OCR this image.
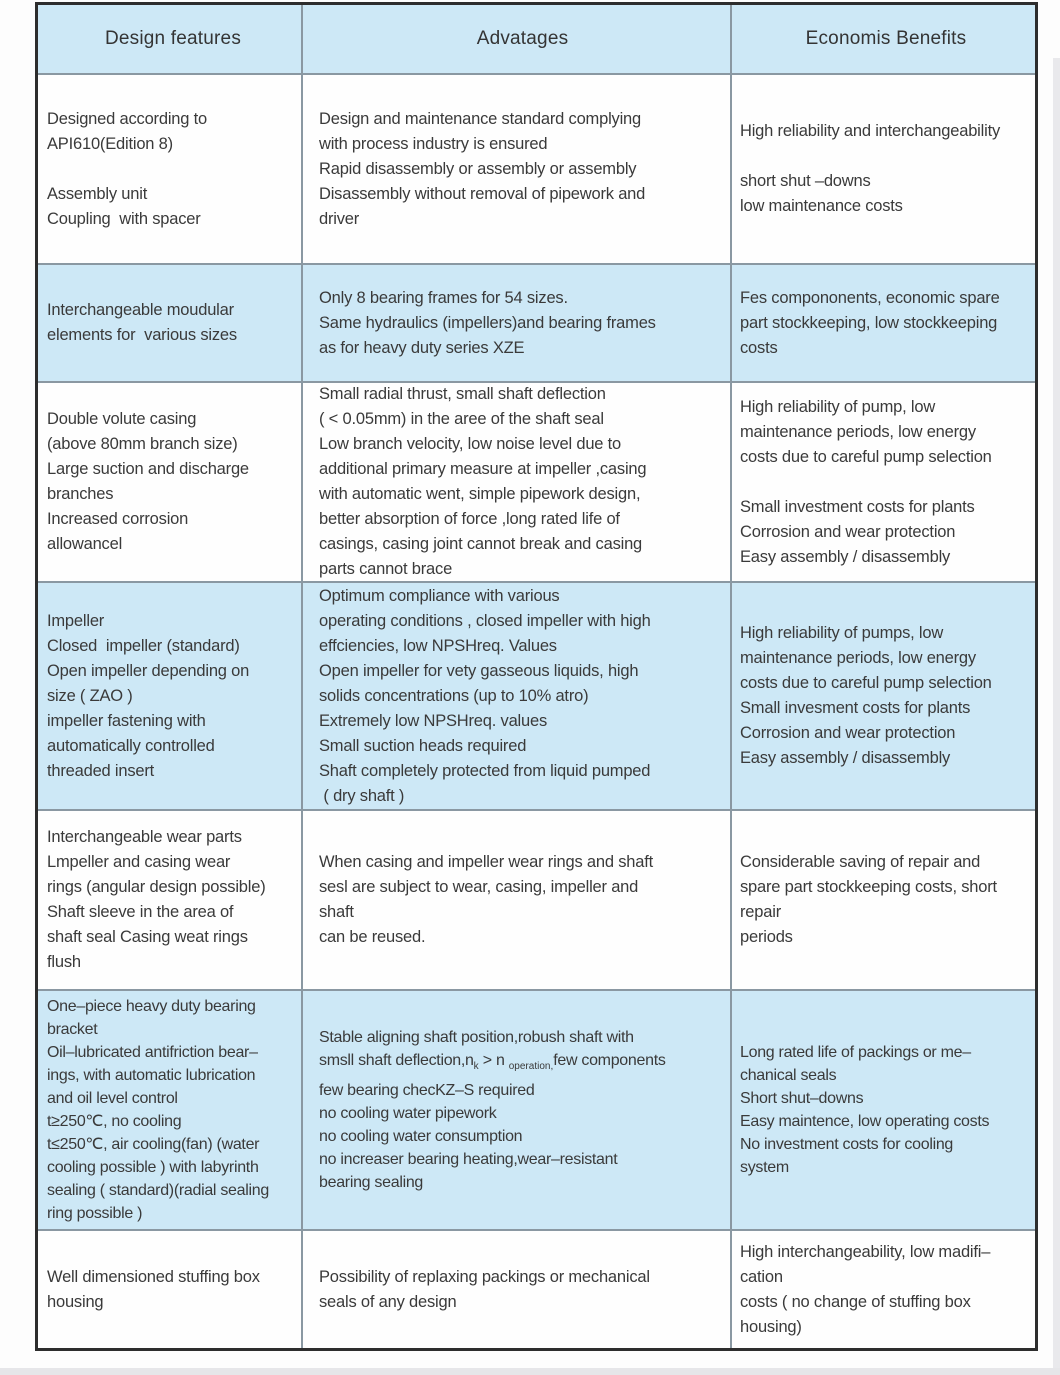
Design features	Advatages	Economis Benefits
Designed according to
API610(Edition 8)

Assembly unit
Coupling  with spacer
Design and maintenance standard complying
with process industry is ensured
Rapid disassembly or assembly or assembly
Disassembly without removal of pipework and
driver
High reliability and interchangeability

short shut –downs
low maintenance costs
Interchangeable moudular
elements for  various sizes
Only 8 bearing frames for 54 sizes.
Same hydraulics (impellers)and bearing frames
as for heavy duty series XZE
Fes compononents, economic spare
part stockkeeping, low stockkeeping
costs
Double volute casing
(above 80mm branch size)
Large suction and discharge
branches
Increased corrosion
allowancel
Small radial thrust, small shaft deflection
( < 0.05mm) in the aree of the shaft seal
Low branch velocity, low noise level due to
additional primary measure at impeller ,casing
with automatic went, simple pipework design,
better absorption of force ,long rated life of
casings, casing joint cannot break and casing
parts cannot brace
High reliability of pump, low
maintenance periods, low energy
costs due to careful pump selection

Small investment costs for plants
Corrosion and wear protection
Easy assembly / disassembly
Impeller
Closed  impeller (standard)
Open impeller depending on
size ( ZAO )
impeller fastening with
automatically controlled
threaded insert
Optimum compliance with various
operating conditions , closed impeller with high
effciencies, low NPSHreq. Values
Open impeller for vety gasseous liquids, high
solids concentrations (up to 10% atro)
Extremely low NPSHreq. values
Small suction heads required
Shaft completely protected from liquid pumped
( dry shaft )
High reliability of pumps, low
maintenance periods, low energy
costs due to careful pump selection
Small invesment costs for plants
Corrosion and wear protection
Easy assembly / disassembly
Interchangeable wear parts
Lmpeller and casing wear
rings (angular design possible)
Shaft sleeve in the area of
shaft seal Casing weat rings
flush
When casing and impeller wear rings and shaft
sesl are subject to wear, casing, impeller and
shaft
can be reused.
Considerable saving of repair and
spare part stockkeeping costs, short
repair
periods
One–piece heavy duty bearing
bracket
Oil–lubricated antifriction bear–
ings, with automatic lubrication
and oil level control
t≥250℃, no cooling
t≤250℃, air cooling(fan) (water
cooling possible ) with labyrinth
sealing ( standard)(radial sealing
ring possible )
Stable aligning shaft position,robush shaft with
smsll shaft $deflection,n_k > n$ $_{operation,}$few components
few bearing checKZ–S required
no cooling water pipework
no cooling water consumption
no increaser bearing heating,wear–resistant
bearing sealing
Long rated life of packings or me–
chanical seals
Short shut–downs
Easy maintence, low operating costs
No investment costs for cooling
system
Well dimensioned stuffing box
housing
Possibility of replaxing packings or mechanical
seals of any design
High interchangeability, low madifi–
cation
costs ( no change of stuffing box
housing)
